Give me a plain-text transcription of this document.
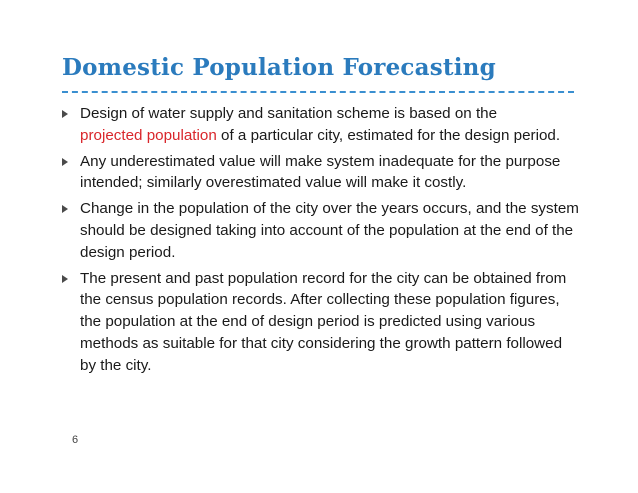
Domestic Population Forecasting
Design of water supply and sanitation scheme is based on the
projected population of a particular city, estimated for the design period.
Any underestimated value will make system inadequate for the purpose intended; similarly overestimated value will make it costly.
Change in the population of the city over the years occurs, and the system should be designed taking into account of the population at the end of the design period.
The present and past population record for the city can be obtained from the census population records. After collecting these population figures, the population at the end of design period is predicted using various methods as suitable for that city considering the growth pattern followed by the city.
6
